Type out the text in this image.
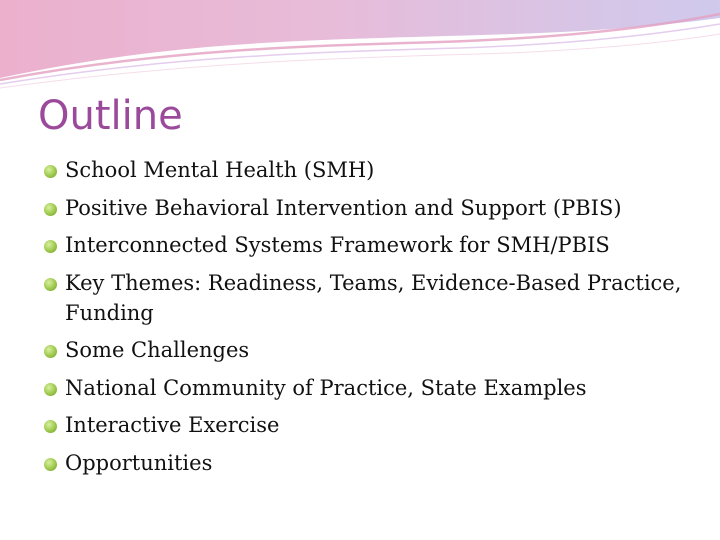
Outline
School Mental Health (SMH)
Positive Behavioral Intervention and Support (PBIS)
Interconnected Systems Framework for SMH/PBIS
Key Themes: Readiness, Teams, Evidence-Based Practice, Funding
Some Challenges
National Community of Practice, State Examples
Interactive Exercise
Opportunities
